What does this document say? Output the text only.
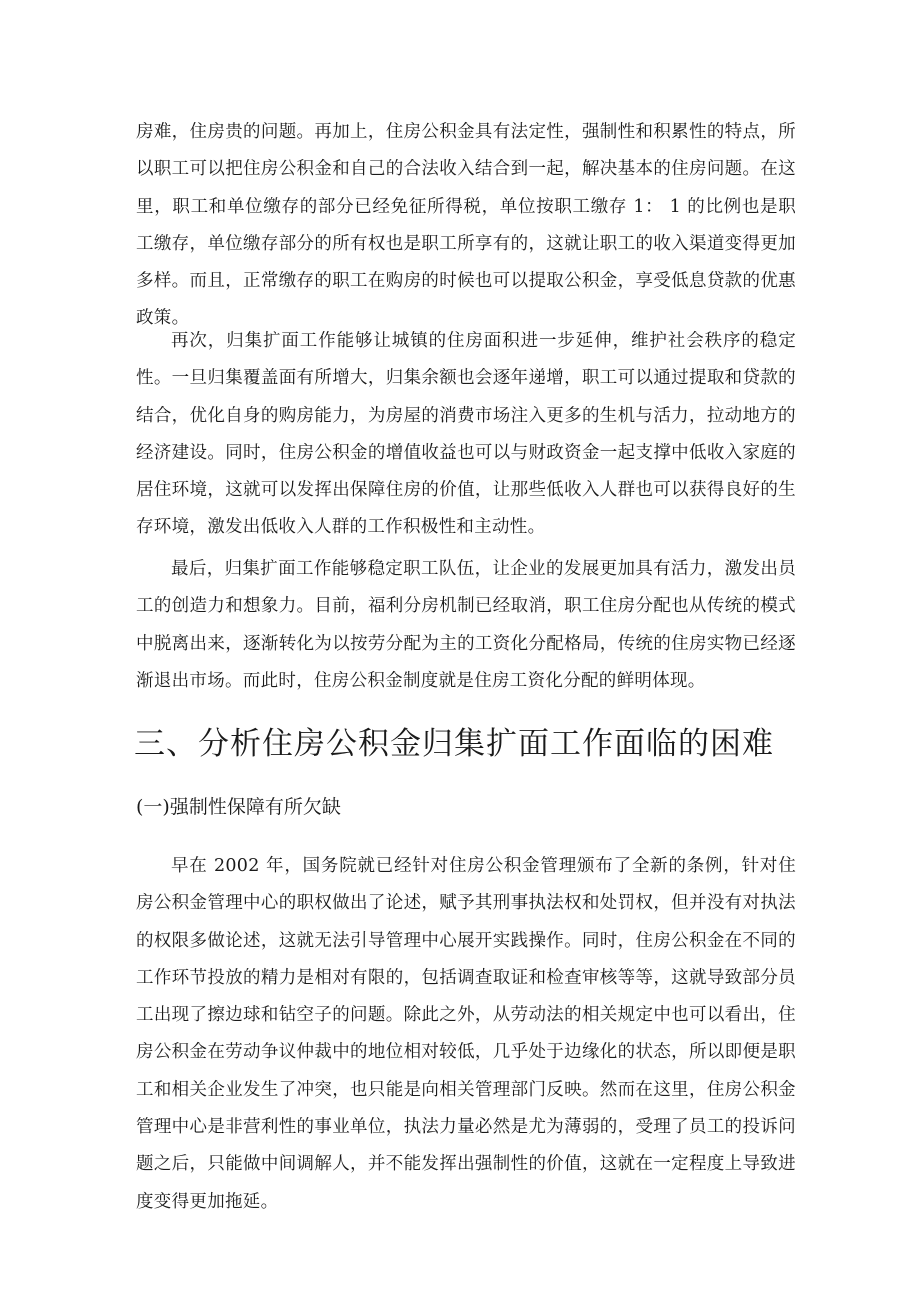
房难，住房贵的问题。再加上，住房公积金具有法定性，强制性和积累性的特点，所以职工可以把住房公积金和自己的合法收入结合到一起，解决基本的住房问题。在这里，职工和单位缴存的部分已经免征所得税，单位按职工缴存 1： 1 的比例也是职工缴存，单位缴存部分的所有权也是职工所享有的，这就让职工的收入渠道变得更加多样。而且，正常缴存的职工在购房的时候也可以提取公积金，享受低息贷款的优惠政策。

再次，归集扩面工作能够让城镇的住房面积进一步延伸，维护社会秩序的稳定性。一旦归集覆盖面有所增大，归集余额也会逐年递增，职工可以通过提取和贷款的结合，优化自身的购房能力，为房屋的消费市场注入更多的生机与活力，拉动地方的经济建设。同时，住房公积金的增值收益也可以与财政资金一起支撑中低收入家庭的居住环境，这就可以发挥出保障住房的价值，让那些低收入人群也可以获得良好的生存环境，激发出低收入人群的工作积极性和主动性。

最后，归集扩面工作能够稳定职工队伍，让企业的发展更加具有活力，激发出员工的创造力和想象力。目前，福利分房机制已经取消，职工住房分配也从传统的模式中脱离出来，逐渐转化为以按劳分配为主的工资化分配格局，传统的住房实物已经逐渐退出市场。而此时，住房公积金制度就是住房工资化分配的鲜明体现。

三、分析住房公积金归集扩面工作面临的困难
(一)强制性保障有所欠缺

早在 2002 年，国务院就已经针对住房公积金管理颁布了全新的条例，针对住房公积金管理中心的职权做出了论述，赋予其刑事执法权和处罚权，但并没有对执法的权限多做论述，这就无法引导管理中心展开实践操作。同时，住房公积金在不同的工作环节投放的精力是相对有限的，包括调查取证和检查审核等等，这就导致部分员工出现了擦边球和钻空子的问题。除此之外，从劳动法的相关规定中也可以看出，住房公积金在劳动争议仲裁中的地位相对较低，几乎处于边缘化的状态，所以即便是职工和相关企业发生了冲突，也只能是向相关管理部门反映。然而在这里，住房公积金管理中心是非营利性的事业单位，执法力量必然是尤为薄弱的，受理了员工的投诉问题之后，只能做中间调解人，并不能发挥出强制性的价值，这就在一定程度上导致进度变得更加拖延。
